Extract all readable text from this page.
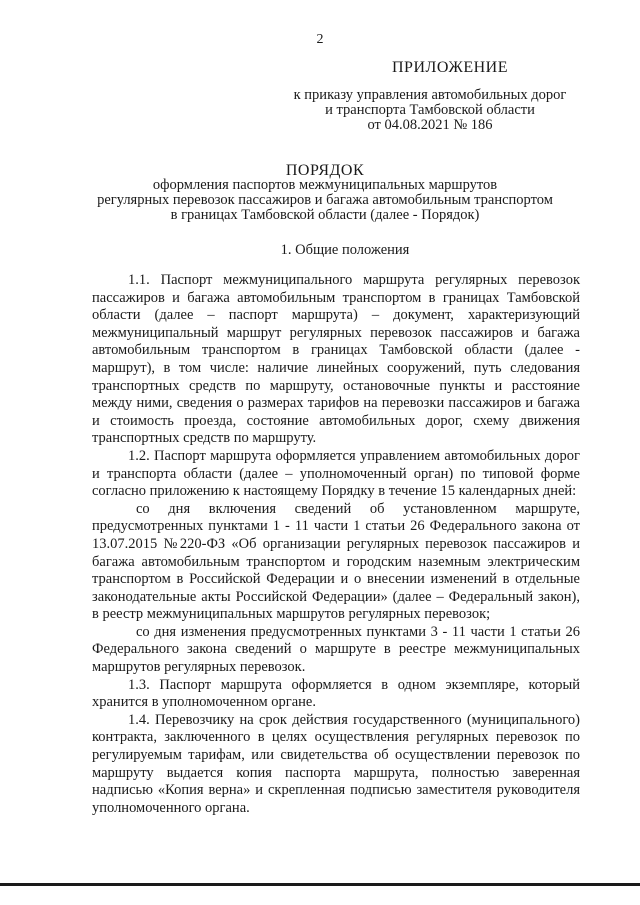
2
ПРИЛОЖЕНИЕ
к приказу управления автомобильных дорог
и транспорта Тамбовской области
от 04.08.2021 № 186
ПОРЯДОК
оформления паспортов межмуниципальных маршрутов
регулярных перевозок пассажиров и багажа автомобильным транспортом
в границах Тамбовской области (далее - Порядок)
1. Общие положения

1.1. Паспорт межмуниципального маршрута регулярных перевозок пассажиров и багажа автомобильным транспортом в границах Тамбовской области (далее – паспорт маршрута) – документ, характеризующий межмуниципальный маршрут регулярных перевозок пассажиров и багажа автомобильным транспортом в границах Тамбовской области (далее - маршрут), в том числе: наличие линейных сооружений, путь следования транспортных средств по маршруту, остановочные пункты и расстояние между ними, сведения о размерах тарифов на перевозки пассажиров и багажа и стоимость проезда, состояние автомобильных дорог, схему движения транспортных средств по маршруту.

1.2. Паспорт маршрута оформляется управлением автомобильных дорог и транспорта области (далее – уполномоченный орган) по типовой форме согласно приложению к настоящему Порядку в течение 15 календарных дней:

со дня включения сведений об установленном маршруте, предусмотренных пунктами 1 - 11 части 1 статьи 26 Федерального закона от 13.07.2015 №220-ФЗ «Об организации регулярных перевозок пассажиров и багажа автомобильным транспортом и городским наземным электрическим транспортом в Российской Федерации и о внесении изменений в отдельные законодательные акты Российской Федерации» (далее – Федеральный закон), в реестр межмуниципальных маршрутов регулярных перевозок;

со дня изменения предусмотренных пунктами 3 - 11 части 1 статьи 26 Федерального закона сведений о маршруте в реестре межмуниципальных маршрутов регулярных перевозок.

1.3. Паспорт маршрута оформляется в одном экземпляре, который хранится в уполномоченном органе.

1.4. Перевозчику на срок действия государственного (муниципального) контракта, заключенного в целях осуществления регулярных перевозок по регулируемым тарифам, или свидетельства об осуществлении перевозок по маршруту выдается копия паспорта маршрута, полностью заверенная надписью «Копия верна» и скрепленная подписью заместителя руководителя уполномоченного органа.
